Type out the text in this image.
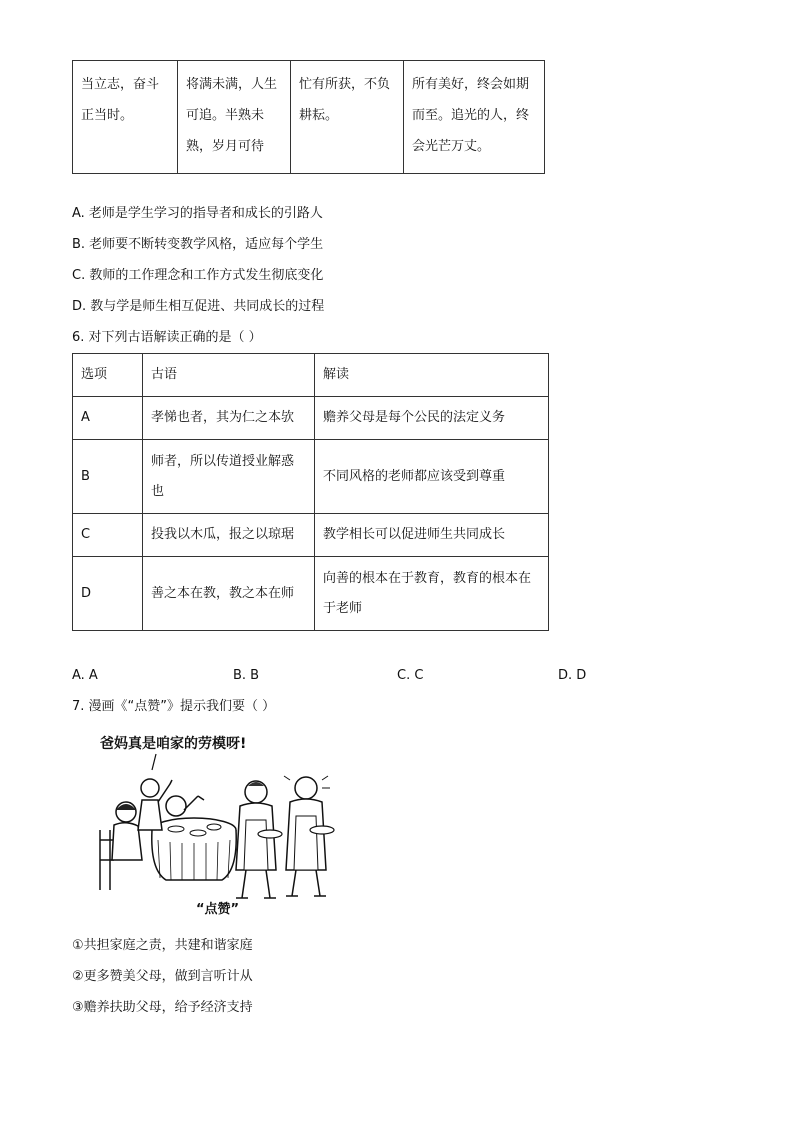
当立志，奋斗正当时。	将满未满，人生可追。半熟未熟，岁月可待	忙有所获，不负耕耘。	所有美好，终会如期而至。追光的人，终会光芒万丈。
A. 老师是学生学习的指导者和成长的引路人
B. 老师要不断转变教学风格，适应每个学生
C. 教师的工作理念和工作方式发生彻底变化
D. 教与学是师生相互促进、共同成长的过程
6. 对下列古语解读正确的是（ ）
选项	古语	解读
A	孝悌也者，其为仁之本欤	赡养父母是每个公民的法定义务
B	师者，所以传道授业解惑也	不同风格的老师都应该受到尊重
C	投我以木瓜，报之以琼琚	教学相长可以促进师生共同成长
D	善之本在教，教之本在师	向善的根本在于教育，教育的根本在于老师
A. A	B. B	C. C	D. D
7. 漫画《“点赞”》提示我们要（ ）
爸妈真是咱家的劳模呀!
“点赞”
①共担家庭之责，共建和谐家庭
②更多赞美父母，做到言听计从
③赡养扶助父母，给予经济支持
